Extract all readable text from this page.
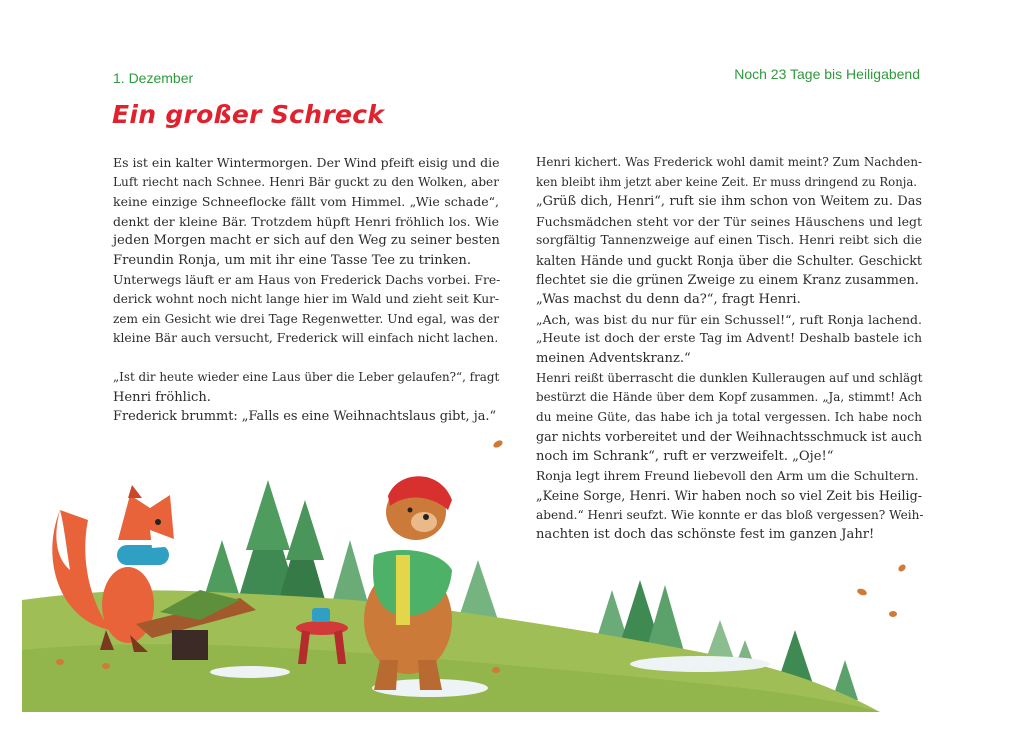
1. Dezember	Noch 23 Tage bis Heiligabend
Ein großer Schreck

Es ist ein kalter Wintermorgen. Der Wind pfeift eisig und die
Luft riecht nach Schnee. Henri Bär guckt zu den Wolken, aber
keine einzige Schneeflocke fällt vom Himmel. „Wie schade“,
denkt der kleine Bär. Trotzdem hüpft Henri fröhlich los. Wie
jeden Morgen macht er sich auf den Weg zu seiner besten
Freundin Ronja, um mit ihr eine Tasse Tee zu trinken.

Unterwegs läuft er am Haus von Frederick Dachs vorbei. Fre-
derick wohnt noch nicht lange hier im Wald und zieht seit Kur-
zem ein Gesicht wie drei Tage Regenwetter. Und egal, was der
kleine Bär auch versucht, Frederick will einfach nicht lachen.

„Ist dir heute wieder eine Laus über die Leber gelaufen?“, fragt
Henri fröhlich.

Frederick brummt: „Falls es eine Weihnachtslaus gibt, ja.“

Henri kichert. Was Frederick wohl damit meint? Zum Nachden-
ken bleibt ihm jetzt aber keine Zeit. Er muss dringend zu Ronja.

„Grüß dich, Henri“, ruft sie ihm schon von Weitem zu. Das
Fuchsmädchen steht vor der Tür seines Häuschens und legt
sorgfältig Tannenzweige auf einen Tisch. Henri reibt sich die
kalten Hände und guckt Ronja über die Schulter. Geschickt
flechtet sie die grünen Zweige zu einem Kranz zusammen.

„Was machst du denn da?“, fragt Henri.

„Ach, was bist du nur für ein Schussel!“, ruft Ronja lachend.
„Heute ist doch der erste Tag im Advent! Deshalb bastele ich
meinen Adventskranz.“

Henri reißt überrascht die dunklen Kulleraugen auf und schlägt
bestürzt die Hände über dem Kopf zusammen. „Ja, stimmt! Ach
du meine Güte, das habe ich ja total vergessen. Ich habe noch
gar nichts vorbereitet und der Weihnachtsschmuck ist auch
noch im Schrank“, ruft er verzweifelt. „Oje!“

Ronja legt ihrem Freund liebevoll den Arm um die Schultern.

„Keine Sorge, Henri. Wir haben noch so viel Zeit bis Heilig-
abend.“ Henri seufzt. Wie konnte er das bloß vergessen? Weih-
nachten ist doch das schönste fest im ganzen Jahr!
